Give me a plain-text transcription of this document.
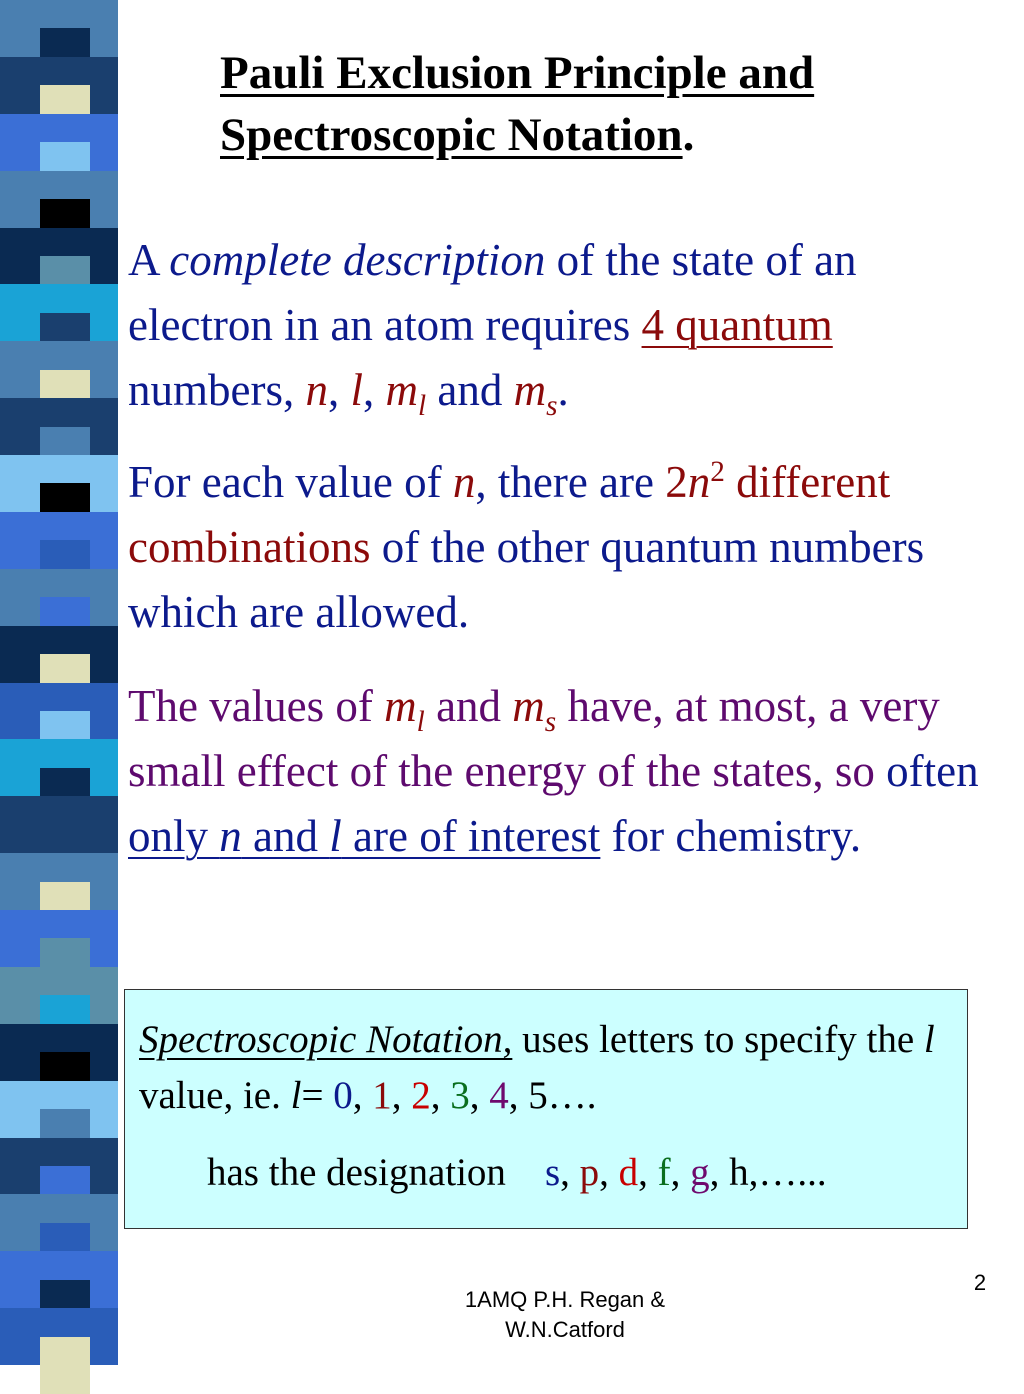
Pauli Exclusion Principle and
Spectroscopic Notation.

A complete description of the state of an electron in an atom requires 4 quantum numbers, n, l, $m_l$ and $m_s$.

For each value of n, there are $2n^2$ different combinations of the other quantum numbers which are allowed.

The values of $m_l$ and $m_s$ have, at most, a very small effect of the energy of the states, so often only n and l are of interest for chemistry.

Spectroscopic Notation, uses letters to specify the l value, ie. l= 0, 1, 2, 3, 4, 5….
has the designation    s, p, d, f, g, h,…...
1AMQ P.H. Regan &
W.N.Catford
2
